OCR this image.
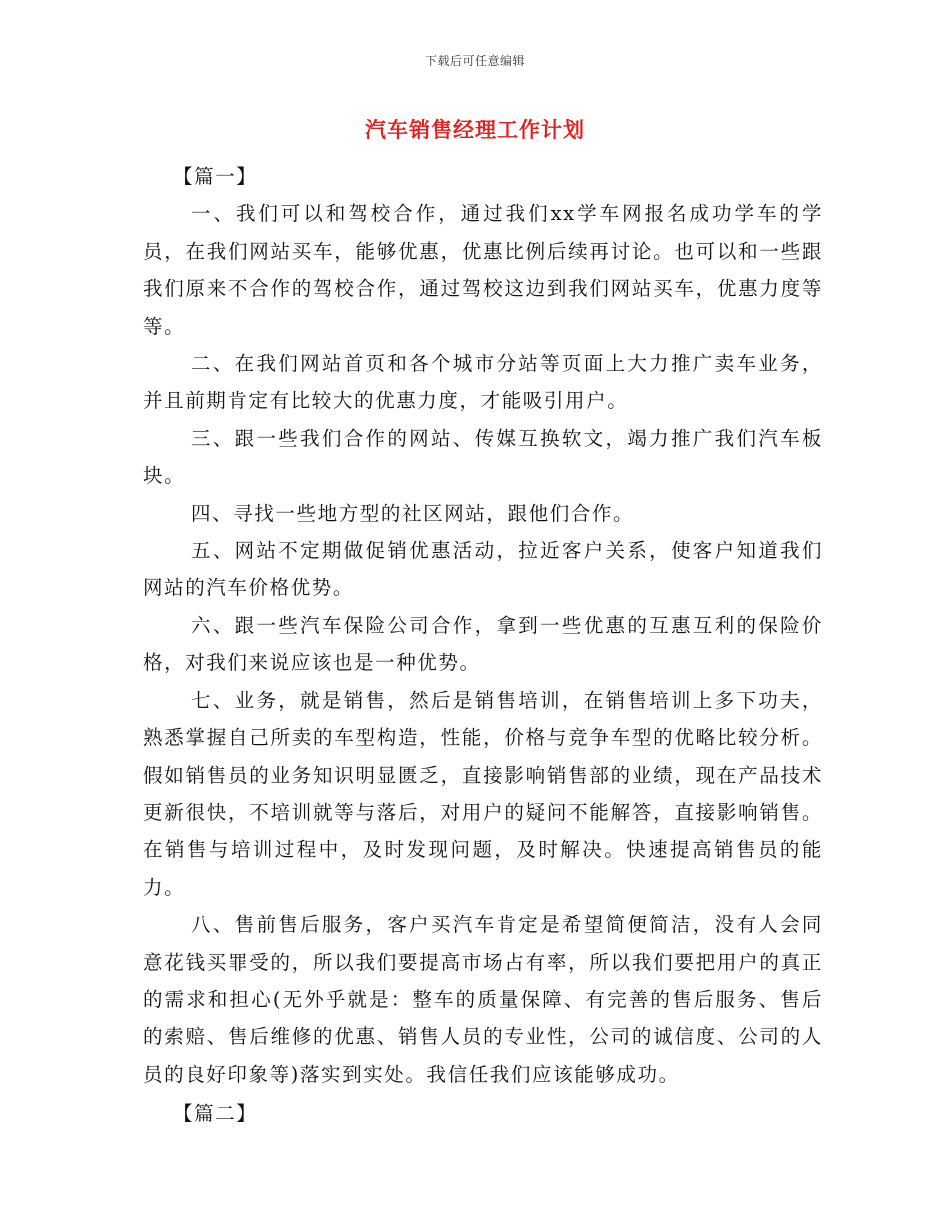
下载后可任意编辑
汽车销售经理工作计划

【篇一】

一、我们可以和驾校合作，通过我们xx学车网报名成功学车的学员，在我们网站买车，能够优惠，优惠比例后续再讨论。也可以和一些跟我们原来不合作的驾校合作，通过驾校这边到我们网站买车，优惠力度等等。

二、在我们网站首页和各个城市分站等页面上大力推广卖车业务，并且前期肯定有比较大的优惠力度，才能吸引用户。

三、跟一些我们合作的网站、传媒互换软文，竭力推广我们汽车板块。

四、寻找一些地方型的社区网站，跟他们合作。

五、网站不定期做促销优惠活动，拉近客户关系，使客户知道我们网站的汽车价格优势。

六、跟一些汽车保险公司合作，拿到一些优惠的互惠互利的保险价格，对我们来说应该也是一种优势。

七、业务，就是销售，然后是销售培训，在销售培训上多下功夫，熟悉掌握自己所卖的车型构造，性能，价格与竞争车型的优略比较分析。假如销售员的业务知识明显匮乏，直接影响销售部的业绩，现在产品技术更新很快，不培训就等与落后，对用户的疑问不能解答，直接影响销售。在销售与培训过程中，及时发现问题，及时解决。快速提高销售员的能力。

八、售前售后服务，客户买汽车肯定是希望简便简洁，没有人会同意花钱买罪受的，所以我们要提高市场占有率，所以我们要把用户的真正的需求和担心(无外乎就是：整车的质量保障、有完善的售后服务、售后的索赔、售后维修的优惠、销售人员的专业性，公司的诚信度、公司的人员的良好印象等)落实到实处。我信任我们应该能够成功。

【篇二】
